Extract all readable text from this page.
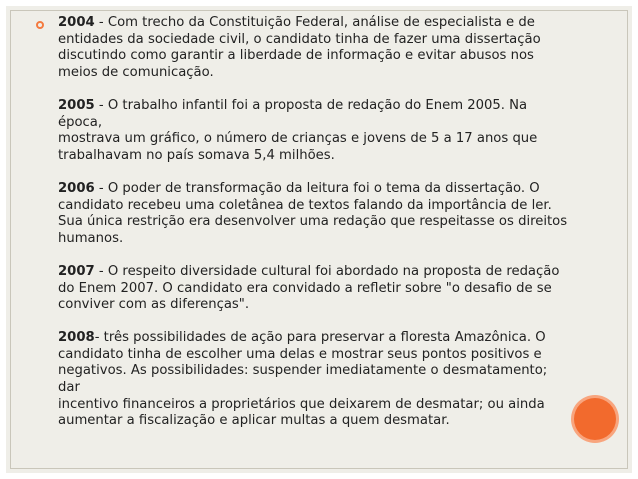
2004 - Com trecho da Constituição Federal, análise de especialista e de
entidades da sociedade civil, o candidato tinha de fazer uma dissertação
discutindo como garantir a liberdade de informação e evitar abusos nos
meios de comunicação.

2005 - O trabalho infantil foi a proposta de redação do Enem 2005. Na época,
mostrava um gráfico, o número de crianças e jovens de 5 a 17 anos que
trabalhavam no país somava 5,4 milhões.

2006 - O poder de transformação da leitura foi o tema da dissertação. O
candidato recebeu uma coletânea de textos falando da importância de ler.
Sua única restrição era desenvolver uma redação que respeitasse os direitos
humanos.

2007 - O respeito diversidade cultural foi abordado na proposta de redação
do Enem 2007. O candidato era convidado a refletir sobre "o desafio de se
conviver com as diferenças".

2008- três possibilidades de ação para preservar a floresta Amazônica. O
candidato tinha de escolher uma delas e mostrar seus pontos positivos e
negativos. As possibilidades: suspender imediatamente o desmatamento; dar
incentivo financeiros a proprietários que deixarem de desmatar; ou ainda
aumentar a fiscalização e aplicar multas a quem desmatar.
